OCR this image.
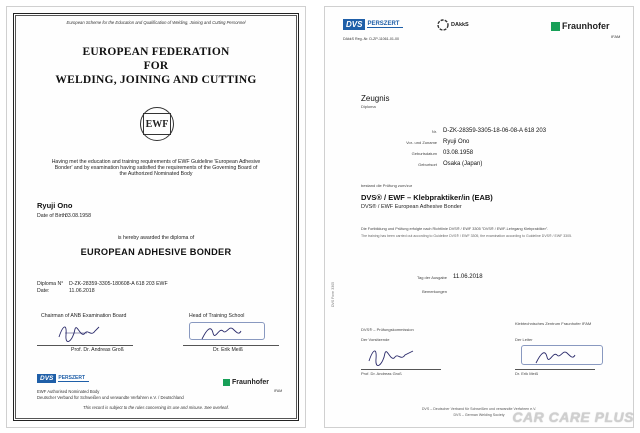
European Scheme for the Education and Qualification of Welding, Joining and Cutting Personnel
EUROPEAN FEDERATION
FOR
WELDING, JOINING AND CUTTING
EWF
Having met the education and training requirements of EWF Guideline 'European Adhesive
Bonder' and by examination having satisfied the requirements of the Governing Board of
the Authorized Nominated Body
Ryuji Ono
Date of Birth:
03.08.1958
is hereby awarded the diploma of
EUROPEAN ADHESIVE BONDER
Diploma N° D-ZK-28359-3305-180608-A 618 203 EWF
Date:	11.06.2018
Chairman of ANB Examination Board	Head of Training School
Prof. Dr. Andreas Groß	Dr. Erik Meiß
DVS	PERSZERT
Fraunhofer
IFAM
EWF Authorised Nominated Body
Deutscher Verband für Schweißen und verwandte Verfahren e.V. / Deutschland
This record is subject to the rules concerning its use and misuse. See overleaf.
DVS PERSZERT	DAkkS	Fraunhofer
IFAM
DAkkS Reg.-Nr. D-ZP-11061-01-00
Zeugnis
Diploma
Nr. D-ZK-28359-3305-18-06-08-A 618 203
Vor- und Zuname Ryuji Ono
Geburtsdatum 03.08.1958
Geburtsort Osaka (Japan)
bestand die Prüfung zum/zur
DVS® / EWF – Klebpraktiker/in (EAB)
DVS® / EWF European Adhesive Bonder
Die Fortbildung und Prüfung erfolgte nach Richtlinie DVS® / EWF 3305 "DVS® / EWF-Lehrgang Klebpraktiker".
The training has been carried out according to Guideline DVS® / EWF 3305, the examination according to Guideline DVS® / EWF 3305.
Tag der Ausgabe 11.06.2018
Bemerkungen
DVS® – Prüfungskommission
Der Vorsitzende
Klebtechnisches Zentrum Fraunhofer IFAM
Der Leiter
Prof. Dr. Andreas Groß	Dr. Erik Meiß
DVS Form 3305
DVS – Deutscher Verband für Schweißen und verwandte Verfahren e.V.
DVS – German Welding Society CAR CARE PLUS
